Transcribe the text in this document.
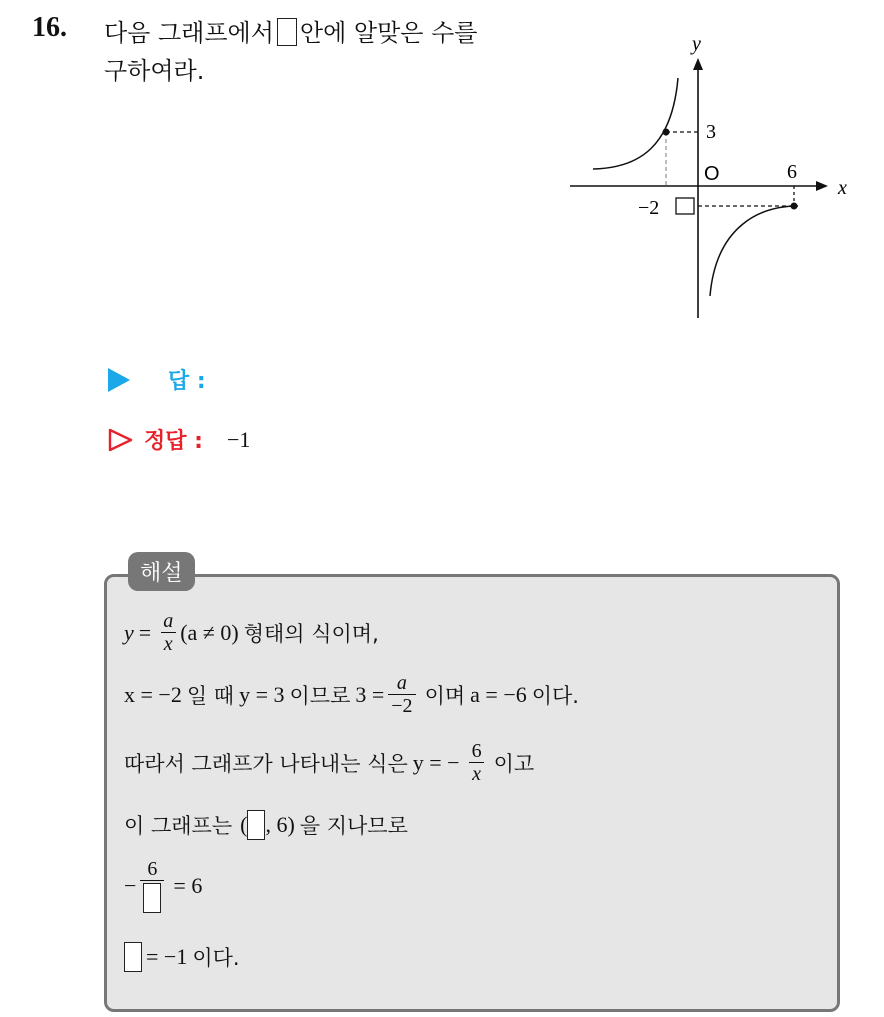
16. 다음 그래프에서 안에 알맞은 수를
구하여라.
y
x
O
3
6
−2
답 :
정답 : −1
해설
$y = \frac{a}{x} (a \ne 0)$ 형태의 식이며,
x = −2 일 때 y = 3 이므로 $3 = \frac{a}{-2}$ 이며 a = −6 이다.
따라서 그래프가 나타내는 식은 y = − $\frac{6}{x}$ 이고
이 그래프는 ( , 6) 을 지나므로
−
6
= 6
= −1 이다.
